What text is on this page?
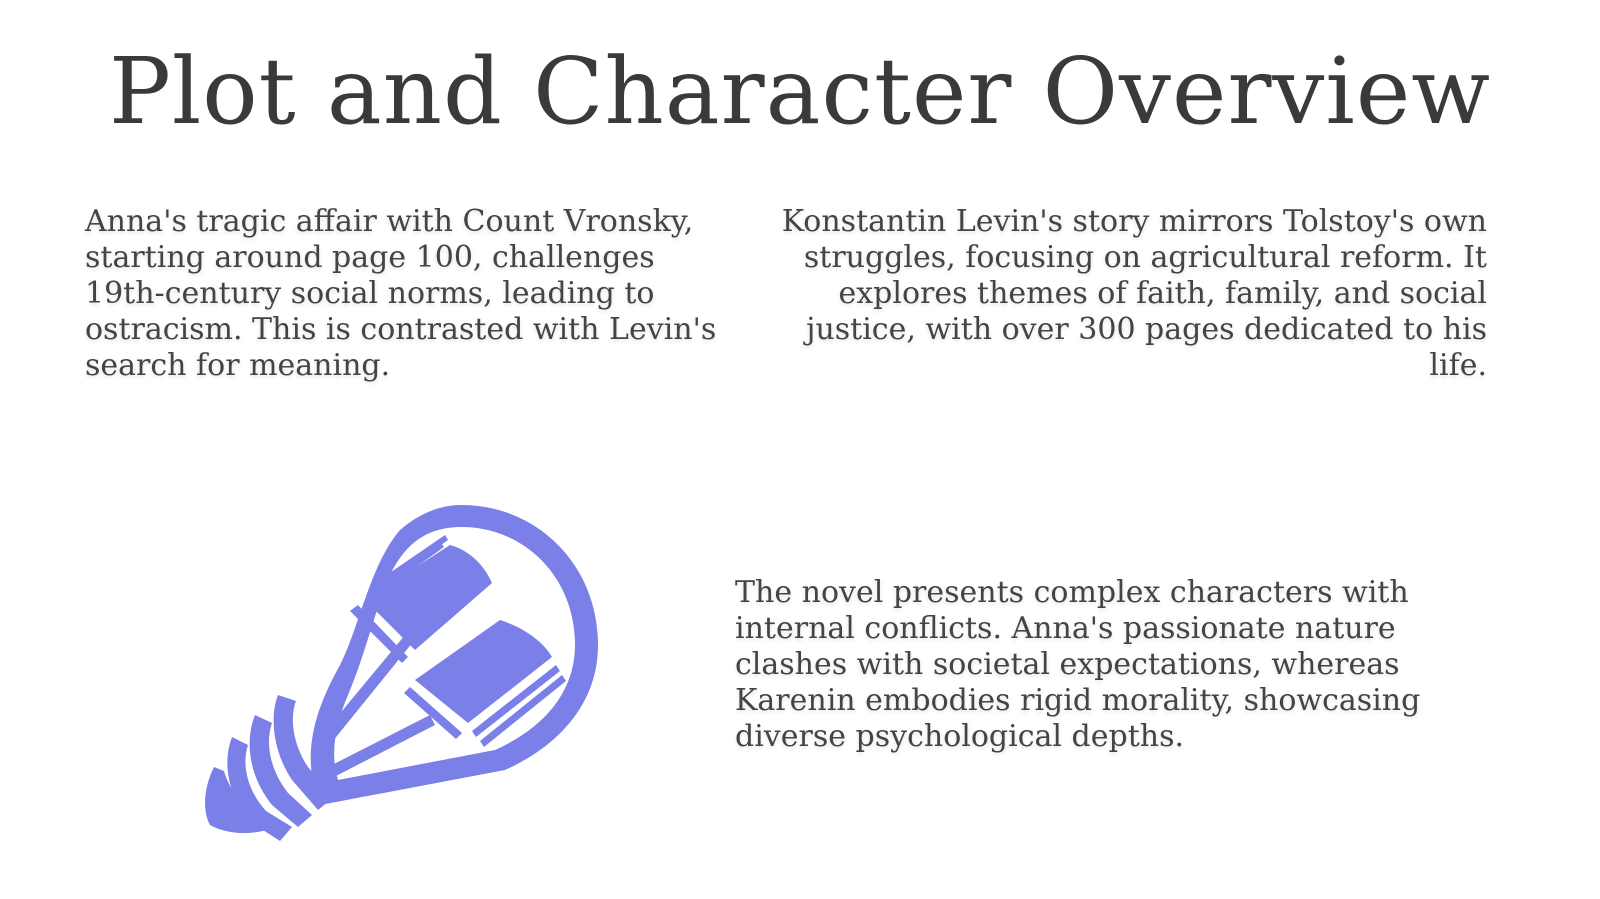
Plot and Character Overview

Anna's tragic affair with Count Vronsky, starting around page 100, challenges 19th-century social norms, leading to ostracism. This is contrasted with Levin's search for meaning.

Konstantin Levin's story mirrors Tolstoy's own struggles, focusing on agricultural reform. It explores themes of faith, family, and social justice, with over 300 pages dedicated to his life.

The novel presents complex characters with internal conflicts. Anna's passionate nature clashes with societal expectations, whereas Karenin embodies rigid morality, showcasing diverse psychological depths.
